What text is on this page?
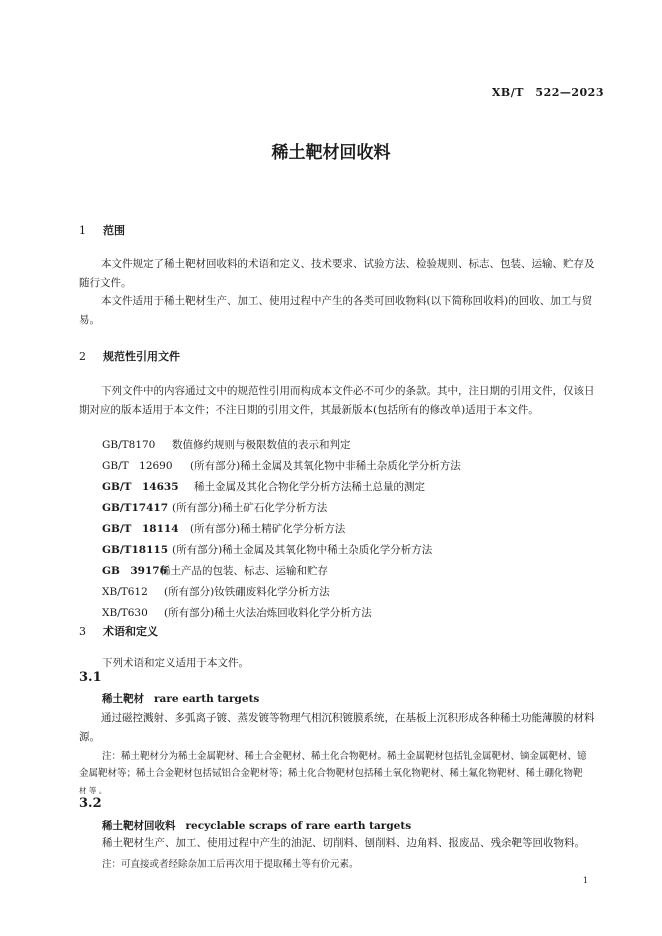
XB/T　522—2023
稀土靶材回收料
1 范围
本文件规定了稀土靶材回收料的术语和定义、技术要求、试验方法、检验规则、标志、包装、运输、贮存及随行文件。
本文件适用于稀土靶材生产、加工、使用过程中产生的各类可回收物料(以下简称回收料)的回收、加工与贸易。
2 规范性引用文件
下列文件中的内容通过文中的规范性引用而构成本文件必不可少的条款。其中，注日期的引用文件，仅该日期对应的版本适用于本文件；不注日期的引用文件，其最新版本(包括所有的修改单)适用于本文件。
GB/T8170 数值修约规则与极限数值的表示和判定
GB/T　12690 (所有部分)稀土金属及其氧化物中非稀土杂质化学分析方法
GB/T　14635 稀土金属及其化合物化学分析方法稀土总量的测定
GB/T17417 (所有部分)稀土矿石化学分析方法
GB/T　18114 (所有部分)稀土精矿化学分析方法
GB/T18115 (所有部分)稀土金属及其氧化物中稀土杂质化学分析方法
GB　39176稀土产品的包装、标志、运输和贮存
XB/T612 (所有部分)钕铁硼废料化学分析方法
XB/T630 (所有部分)稀土火法冶炼回收料化学分析方法
3 术语和定义
下列术语和定义适用于本文件。
3.1
稀土靶材 rare earth targets
通过磁控溅射、多弧离子镀、蒸发镀等物理气相沉积镀膜系统，在基板上沉积形成各种稀土功能薄膜的材料源。
注：稀土靶材分为稀土金属靶材、稀土合金靶材、稀土化合物靶材。稀土金属靶材包括钆金属靶材、镝金属靶材、镱
金属靶材等；稀土合金靶材包括铽铝合金靶材等；稀土化合物靶材包括稀土氧化物靶材、稀土氟化物靶材、稀土硼化物靶
材 等 。
3.2
稀土靶材回收料 recyclable scraps of rare earth targets
稀土靶材生产、加工、使用过程中产生的油泥、切削料、刨削料、边角料、报废品、残余靶等回收物料。
注：可直接或者经除杂加工后再次用于提取稀土等有价元素。
1
